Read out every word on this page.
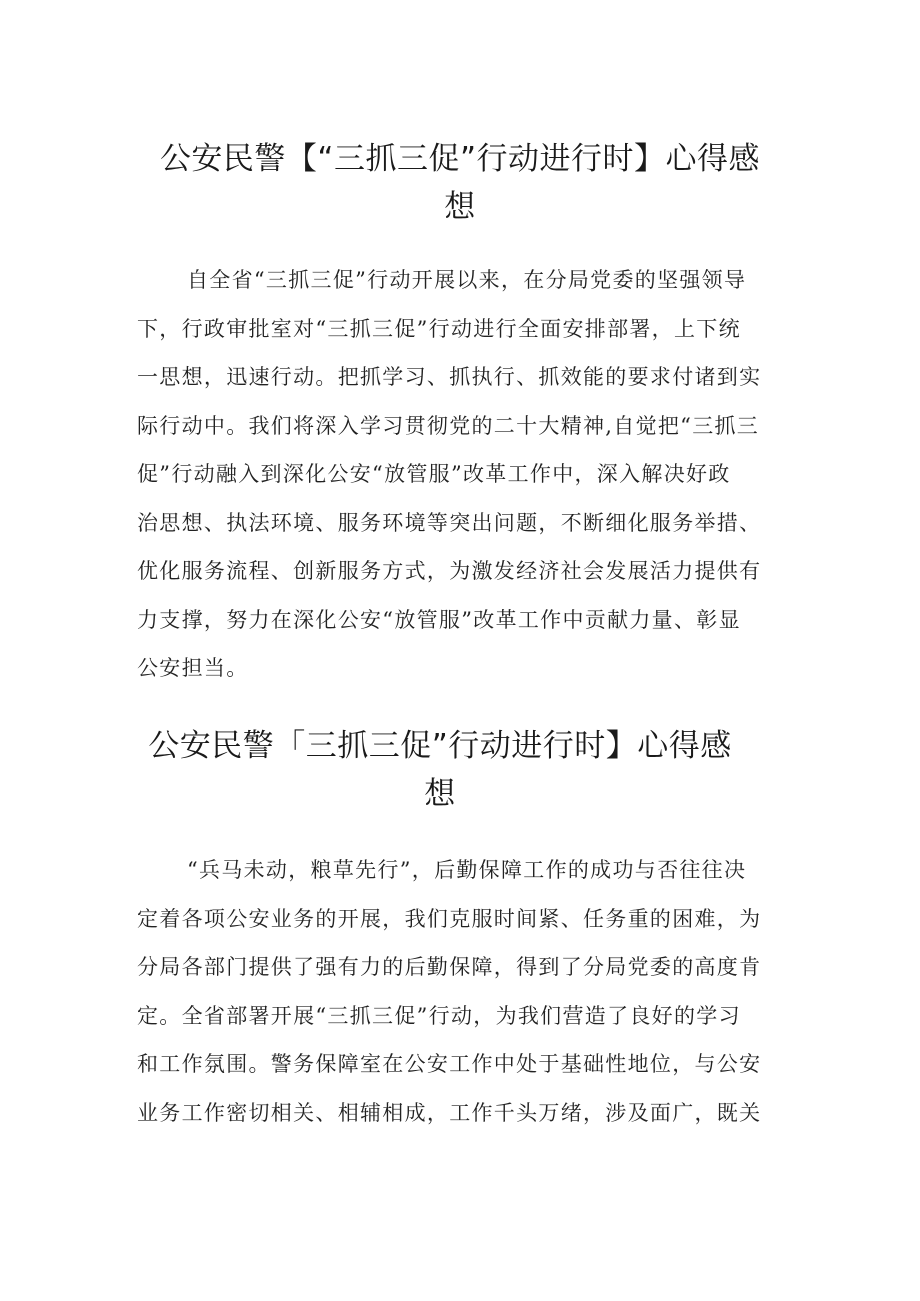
公安民警【“三抓三促”行动进行时】心得感
想
自全省“三抓三促”行动开展以来，在分局党委的坚强领导
下，行政审批室对“三抓三促”行动进行全面安排部署，上下统
一思想，迅速行动。把抓学习、抓执行、抓效能的要求付诸到实
际行动中。我们将深入学习贯彻党的二十大精神,自觉把“三抓三
促”行动融入到深化公安“放管服”改革工作中，深入解决好政
治思想、执法环境、服务环境等突出问题，不断细化服务举措、
优化服务流程、创新服务方式，为激发经济社会发展活力提供有
力支撑，努力在深化公安“放管服”改革工作中贡献力量、彰显
公安担当。
公安民警「三抓三促”行动进行时】心得感
想
“兵马未动，粮草先行”，后勤保障工作的成功与否往往决
定着各项公安业务的开展，我们克服时间紧、任务重的困难，为
分局各部门提供了强有力的后勤保障，得到了分局党委的高度肯
定。全省部署开展“三抓三促”行动，为我们营造了良好的学习
和工作氛围。警务保障室在公安工作中处于基础性地位，与公安
业务工作密切相关、相辅相成，工作千头万绪，涉及面广，既关
